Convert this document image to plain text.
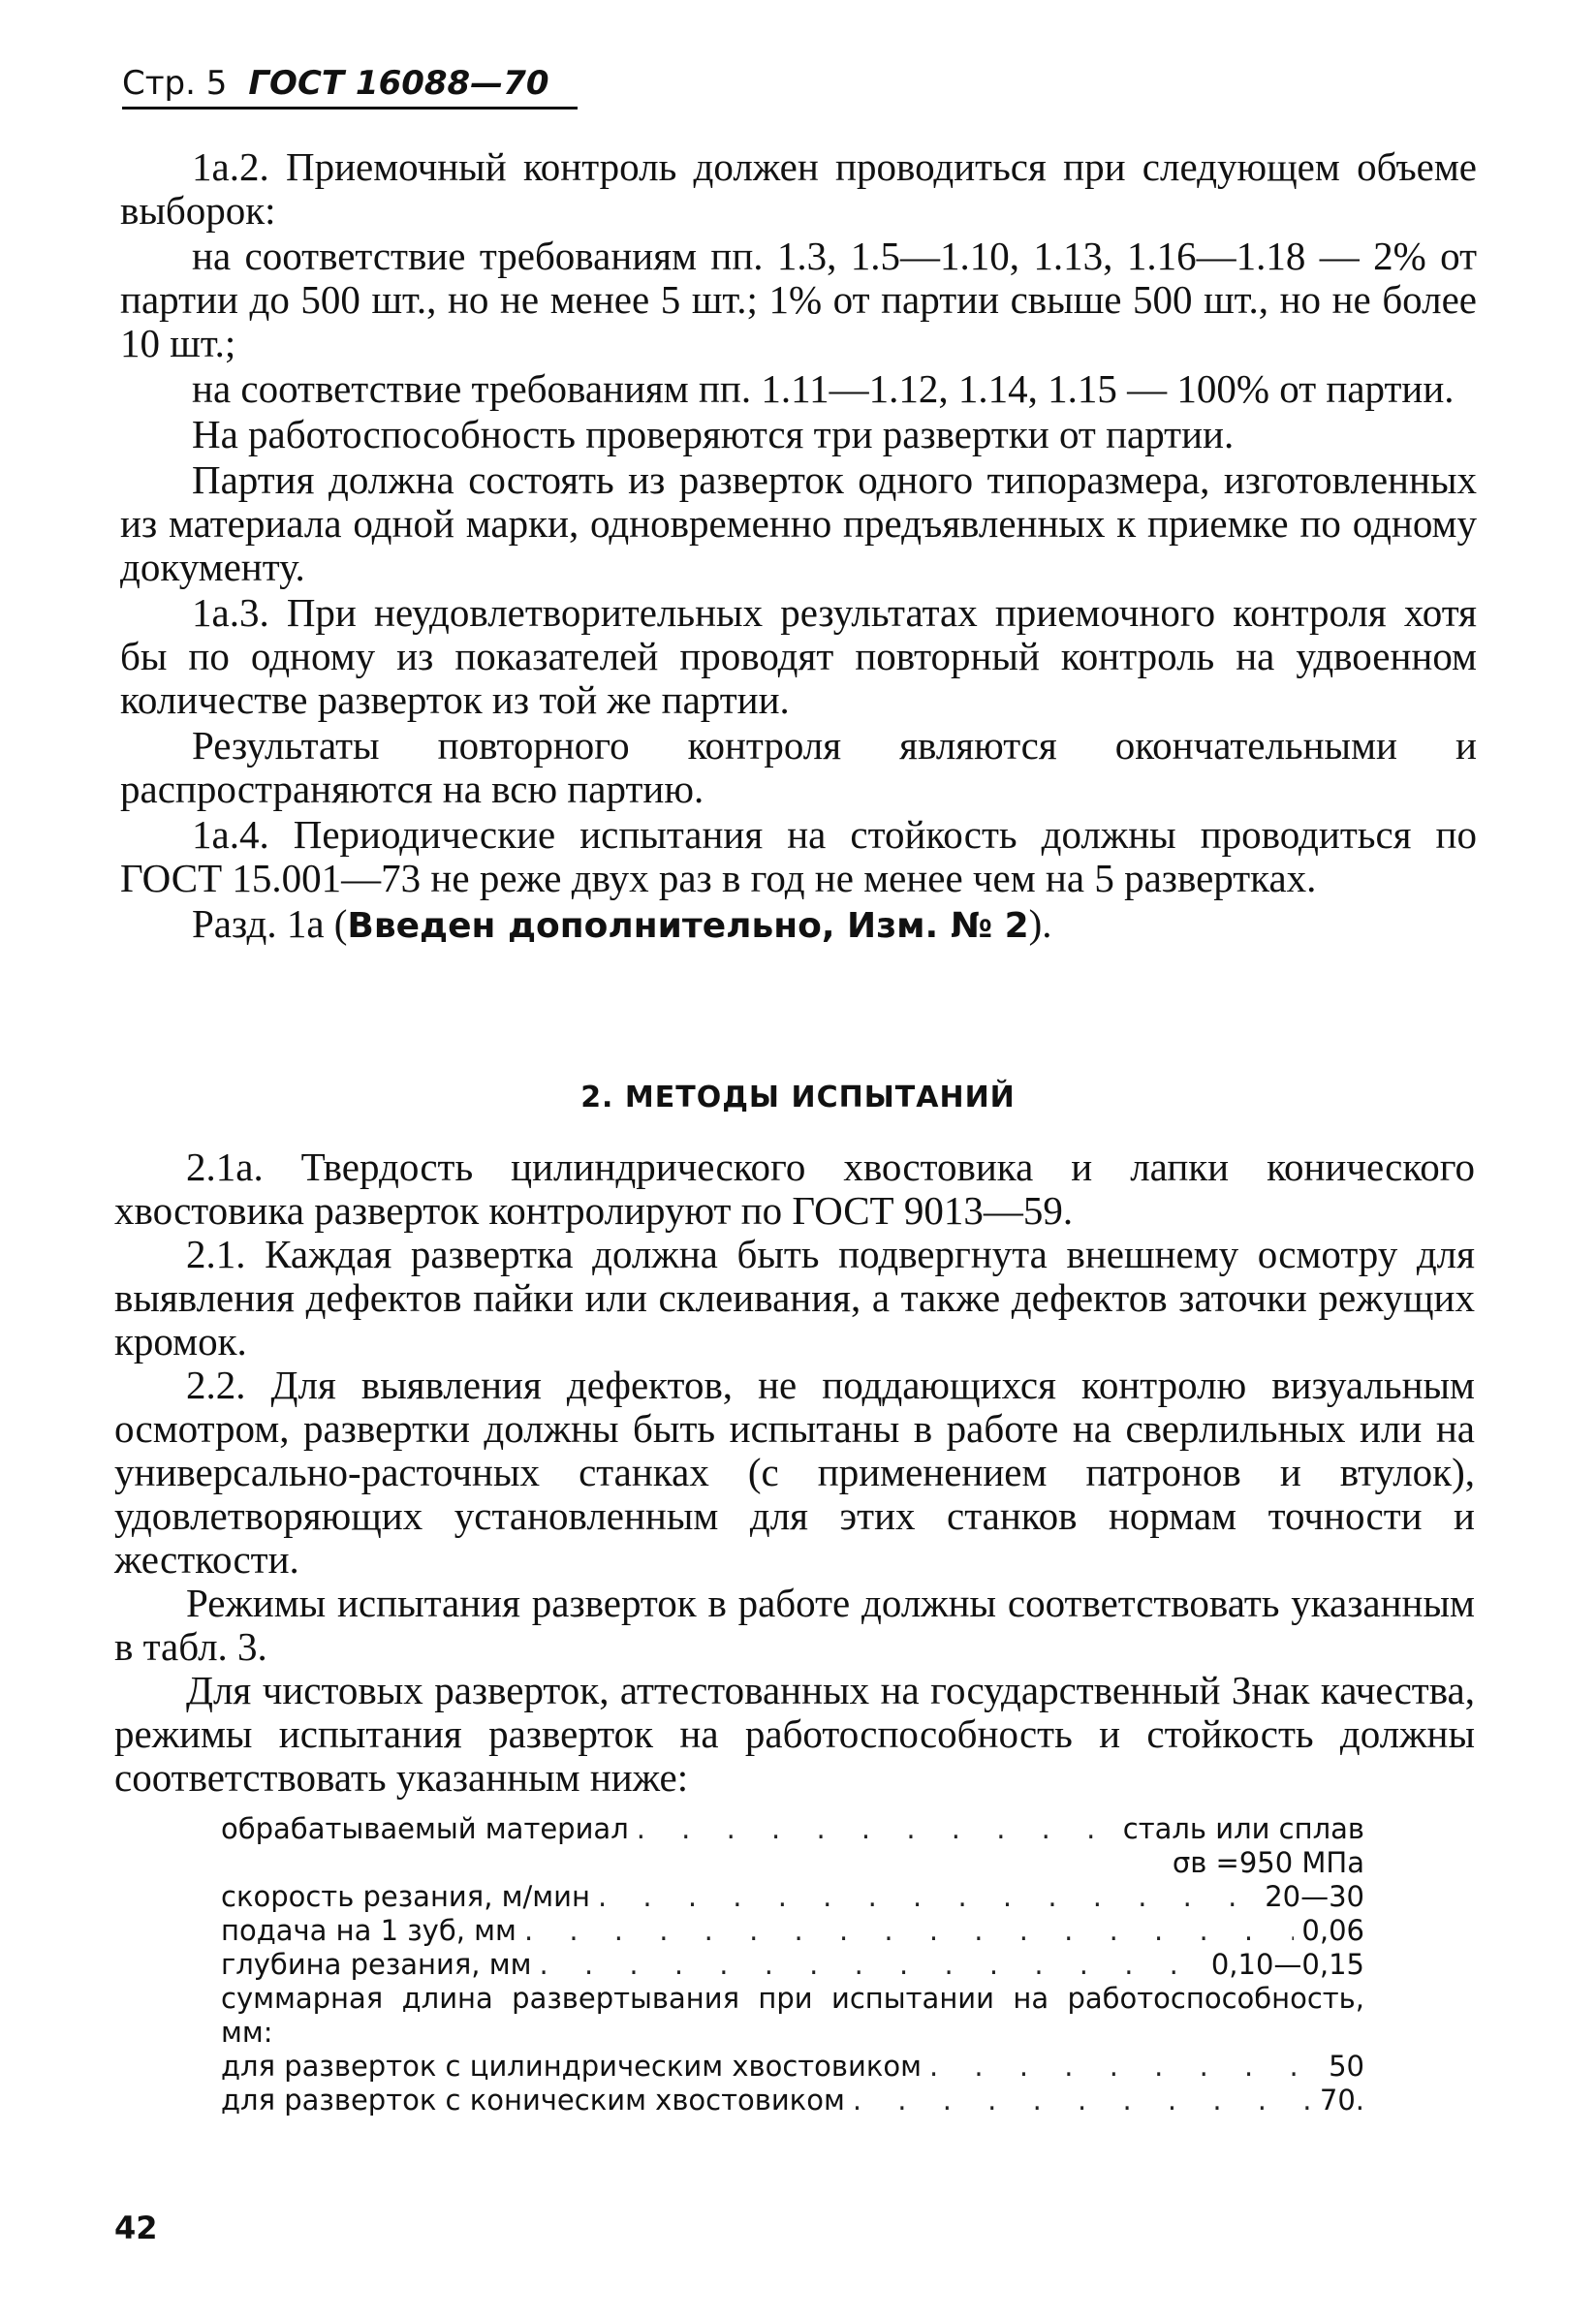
Стр. 5 ГОСТ 16088—70

1а.2. Приемочный контроль должен проводиться при следующем объеме выборок:

на соответствие требованиям пп. 1.3, 1.5—1.10, 1.13, 1.16—1.18 — 2% от партии до 500 шт., но не менее 5 шт.; 1% от партии свыше 500 шт., но не более 10 шт.;

на соответствие требованиям пп. 1.11—1.12, 1.14, 1.15 — 100% от партии.

На работоспособность проверяются три развертки от партии.

Партия должна состоять из разверток одного типоразмера, изготовленных из материала одной марки, одновременно предъявленных к приемке по одному документу.

1а.3. При неудовлетворительных результатах приемочного контроля хотя бы по одному из показателей проводят повторный контроль на удвоенном количестве разверток из той же партии.

Результаты повторного контроля являются окончательными и распространяются на всю партию.

1а.4. Периодические испытания на стойкость должны проводиться по ГОСТ 15.001—73 не реже двух раз в год не менее чем на 5 развертках.

Разд. 1а (Введен дополнительно, Изм. № 2).

2. МЕТОДЫ ИСПЫТАНИЙ

2.1а. Твердость цилиндрического хвостовика и лапки конического хвостовика разверток контролируют по ГОСТ 9013—59.

2.1. Каждая развертка должна быть подвергнута внешнему осмотру для выявления дефектов пайки или склеивания, а также дефектов заточки режущих кромок.

2.2. Для выявления дефектов, не поддающихся контролю визуальным осмотром, развертки должны быть испытаны в работе на сверлильных или на универсально-расточных станках (с применением патронов и втулок), удовлетворяющих установленным для этих станков нормам точности и жесткости.

Режимы испытания разверток в работе должны соответствовать указанным в табл. 3.

Для чистовых разверток, аттестованных на государственный Знак качества, режимы испытания разверток на работоспособность и стойкость должны соответствовать указанным ниже:

обрабатываемый материал . . .	сталь или сплав
σв =950 МПа
скорость резания, м/мин . . .	20—30
подача на 1 зуб, мм . . .	0,06
глубина резания, мм . . .	0,10—0,15
суммарная длина развертывания при испытании на работоспособность, мм:
для разверток с цилиндрическим хвостовиком . . .	50
для разверток с коническим хвостовиком . . .	70.
42
